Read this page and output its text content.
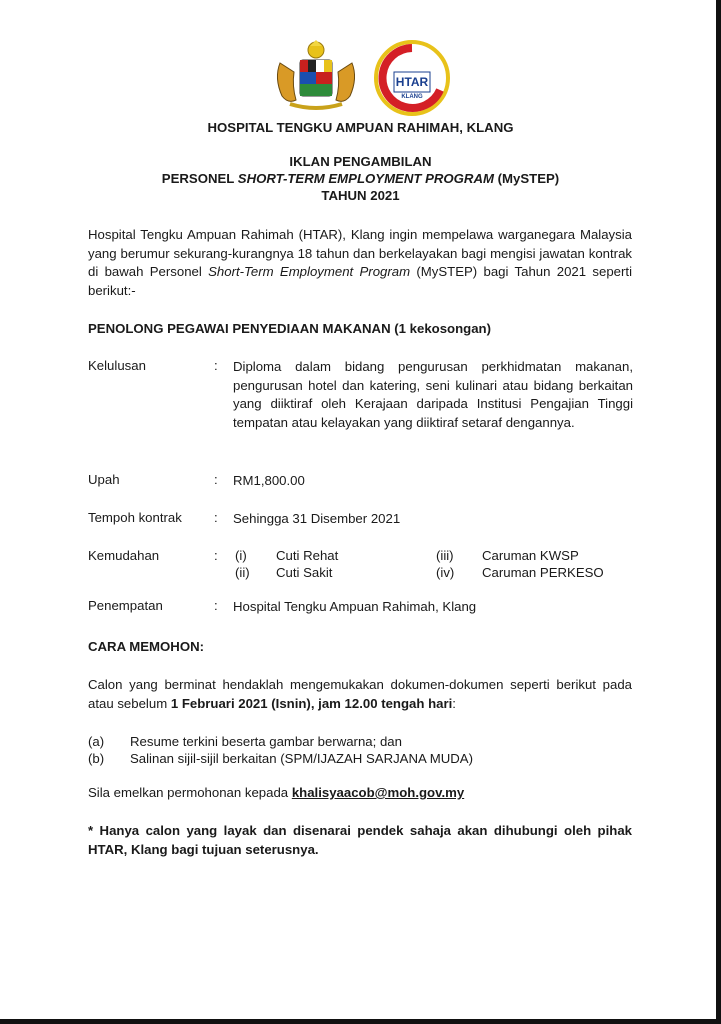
HTAR
KLANG
HOSPITAL TENGKU AMPUAN RAHIMAH, KLANG
IKLAN PENGAMBILAN
PERSONEL SHORT-TERM EMPLOYMENT PROGRAM (MySTEP)
TAHUN 2021
Hospital Tengku Ampuan Rahimah (HTAR), Klang ingin mempelawa warganegara Malaysia yang berumur sekurang-kurangnya 18 tahun dan berkelayakan bagi mengisi jawatan kontrak di bawah Personel Short-Term Employment Program (MySTEP) bagi Tahun 2021 seperti berikut:-
PENOLONG PEGAWAI PENYEDIAAN MAKANAN (1 kekosongan)
Kelulusan	: Diploma dalam bidang pengurusan perkhidmatan makanan, pengurusan hotel dan katering, seni kulinari atau bidang berkaitan yang diiktiraf oleh Kerajaan daripada Institusi Pengajian Tinggi tempatan atau kelayakan yang diiktiraf setaraf dengannya.
Upah	: RM1,800.00
Tempoh kontrak : Sehingga 31 Disember 2021
Kemudahan	: (i) Cuti Rehat
(ii) Cuti Sakit
(iii) Caruman KWSP
(iv) Caruman PERKESO
Penempatan	: Hospital Tengku Ampuan Rahimah, Klang
CARA MEMOHON:
Calon yang berminat hendaklah mengemukakan dokumen-dokumen seperti berikut pada atau sebelum 1 Februari 2021 (Isnin), jam 12.00 tengah hari:
(a) Resume terkini beserta gambar berwarna; dan
(b) Salinan sijil-sijil berkaitan (SPM/IJAZAH SARJANA MUDA)
Sila emelkan permohonan kepada khalisyaacob@moh.gov.my
* Hanya calon yang layak dan disenarai pendek sahaja akan dihubungi oleh pihak HTAR, Klang bagi tujuan seterusnya.
